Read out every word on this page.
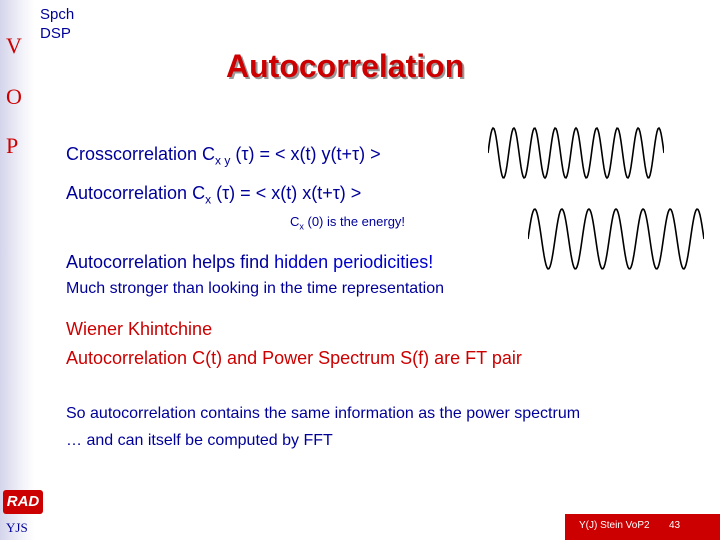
V
O
P
Spch
DSP
Autocorrelation
Crosscorrelation $C_{x y}$ (τ) = < x(t) y(t+τ) >
Autocorrelation $C_x$ (τ) = < x(t) x(t+τ) >
$C_x$ (0) is the energy!
Autocorrelation helps find hidden periodicities!
Much stronger than looking in the time representation
Wiener Khintchine
Autocorrelation C(t) and Power Spectrum S(f) are FT pair
So autocorrelation contains the same information as the power spectrum
… and can itself be computed by FFT
RAD
YJS	Y(J) Stein VoP2 43
